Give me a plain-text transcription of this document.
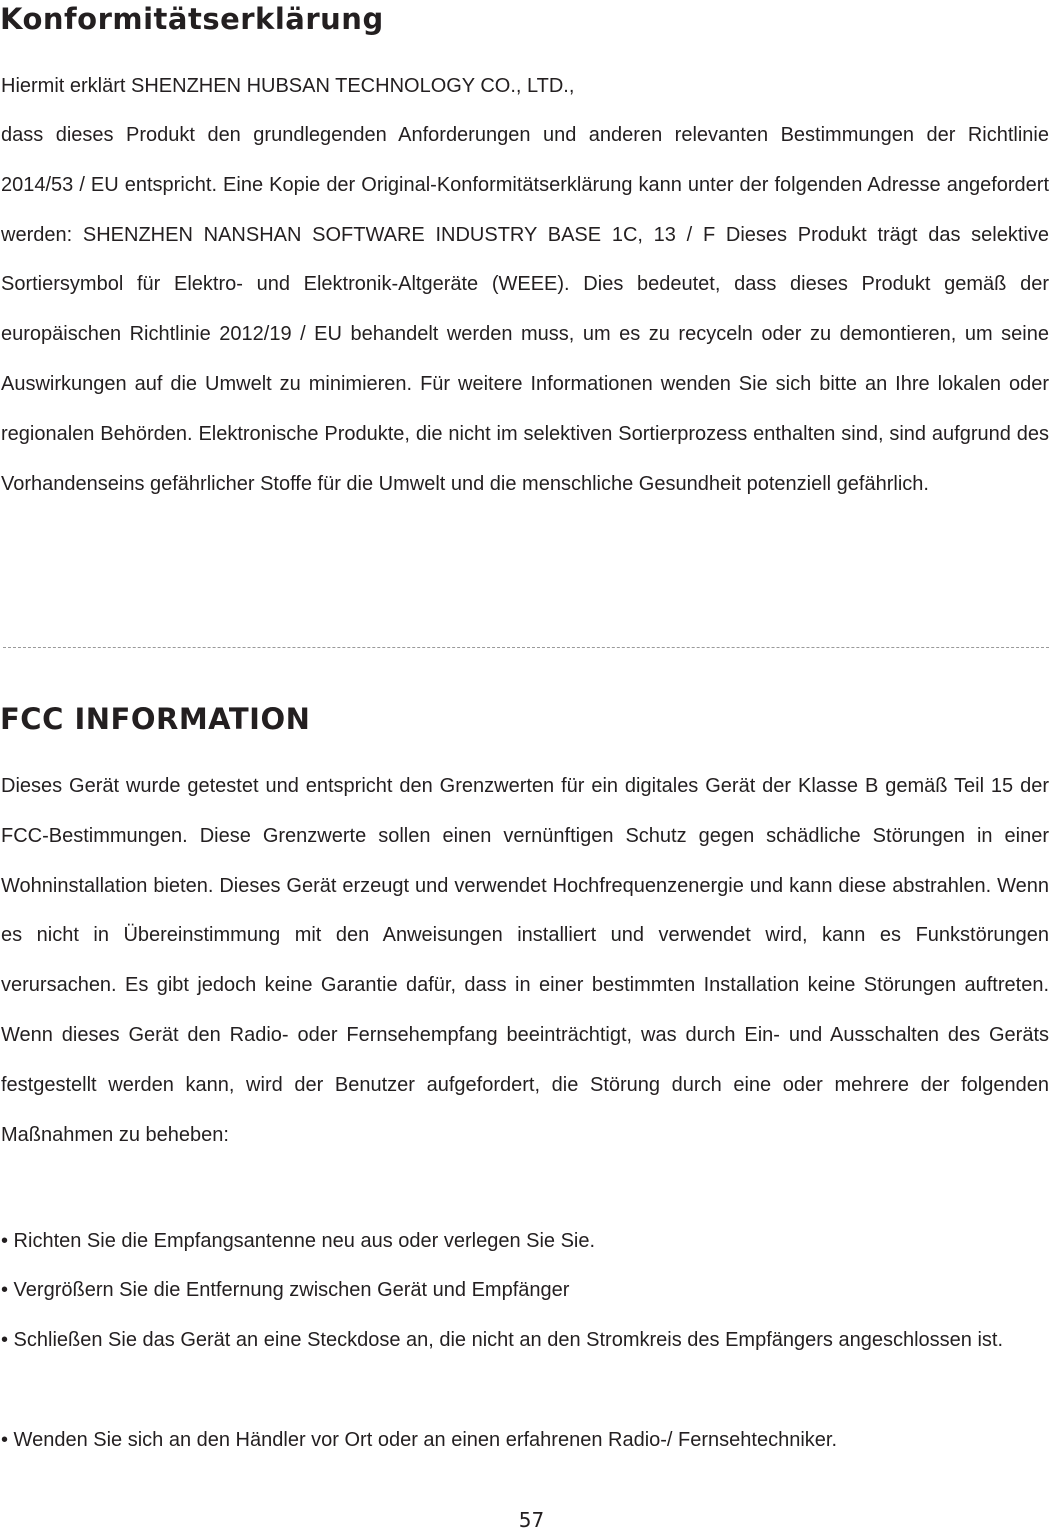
Konformitätserklärung

Hiermit erklärt SHENZHEN HUBSAN TECHNOLOGY CO., LTD.,

dass dieses Produkt den grundlegenden Anforderungen und anderen relevanten Bestimmungen der Richtlinie 2014/53 / EU entspricht. Eine Kopie der Original-Konformitätserklärung kann unter der folgenden Adresse angefordert werden: SHENZHEN NANSHAN SOFTWARE INDUSTRY BASE 1C, 13 / F Dieses Produkt trägt das selektive Sortiersymbol für Elektro- und Elektronik-Altgeräte (WEEE). Dies bedeutet, dass dieses Produkt gemäß der europäischen Richtlinie 2012/19 / EU behandelt werden muss, um es zu recyceln oder zu demontieren, um seine Auswirkungen auf die Umwelt zu minimieren. Für weitere Informationen wenden Sie sich bitte an Ihre lokalen oder regionalen Behörden. Elektronische Produkte, die nicht im selektiven Sortierprozess enthalten sind, sind aufgrund des Vorhandenseins gefährlicher Stoffe für die Umwelt und die menschliche Gesundheit potenziell gefährlich.

FCC INFORMATION

Dieses Gerät wurde getestet und entspricht den Grenzwerten für ein digitales Gerät der Klasse B gemäß Teil 15 der FCC-Bestimmungen. Diese Grenzwerte sollen einen vernünftigen Schutz gegen schädliche Störungen in einer Wohninstallation bieten. Dieses Gerät erzeugt und verwendet Hochfrequenzenergie und kann diese abstrahlen. Wenn es nicht in Übereinstimmung mit den Anweisungen installiert und verwendet wird, kann es Funkstörungen verursachen. Es gibt jedoch keine Garantie dafür, dass in einer bestimmten Installation keine Störungen auftreten. Wenn dieses Gerät den Radio- oder Fernsehempfang beeinträchtigt, was durch Ein- und Ausschalten des Geräts festgestellt werden kann, wird der Benutzer aufgefordert, die Störung durch eine oder mehrere der folgenden Maßnahmen zu beheben:

• Richten Sie die Empfangsantenne neu aus oder verlegen Sie Sie.

• Vergrößern Sie die Entfernung zwischen Gerät und Empfänger

• Schließen Sie das Gerät an eine Steckdose an, die nicht an den Stromkreis des Empfängers angeschlossen ist.

• Wenden Sie sich an den Händler vor Ort oder an einen erfahrenen Radio-/ Fernsehtechniker.

57
